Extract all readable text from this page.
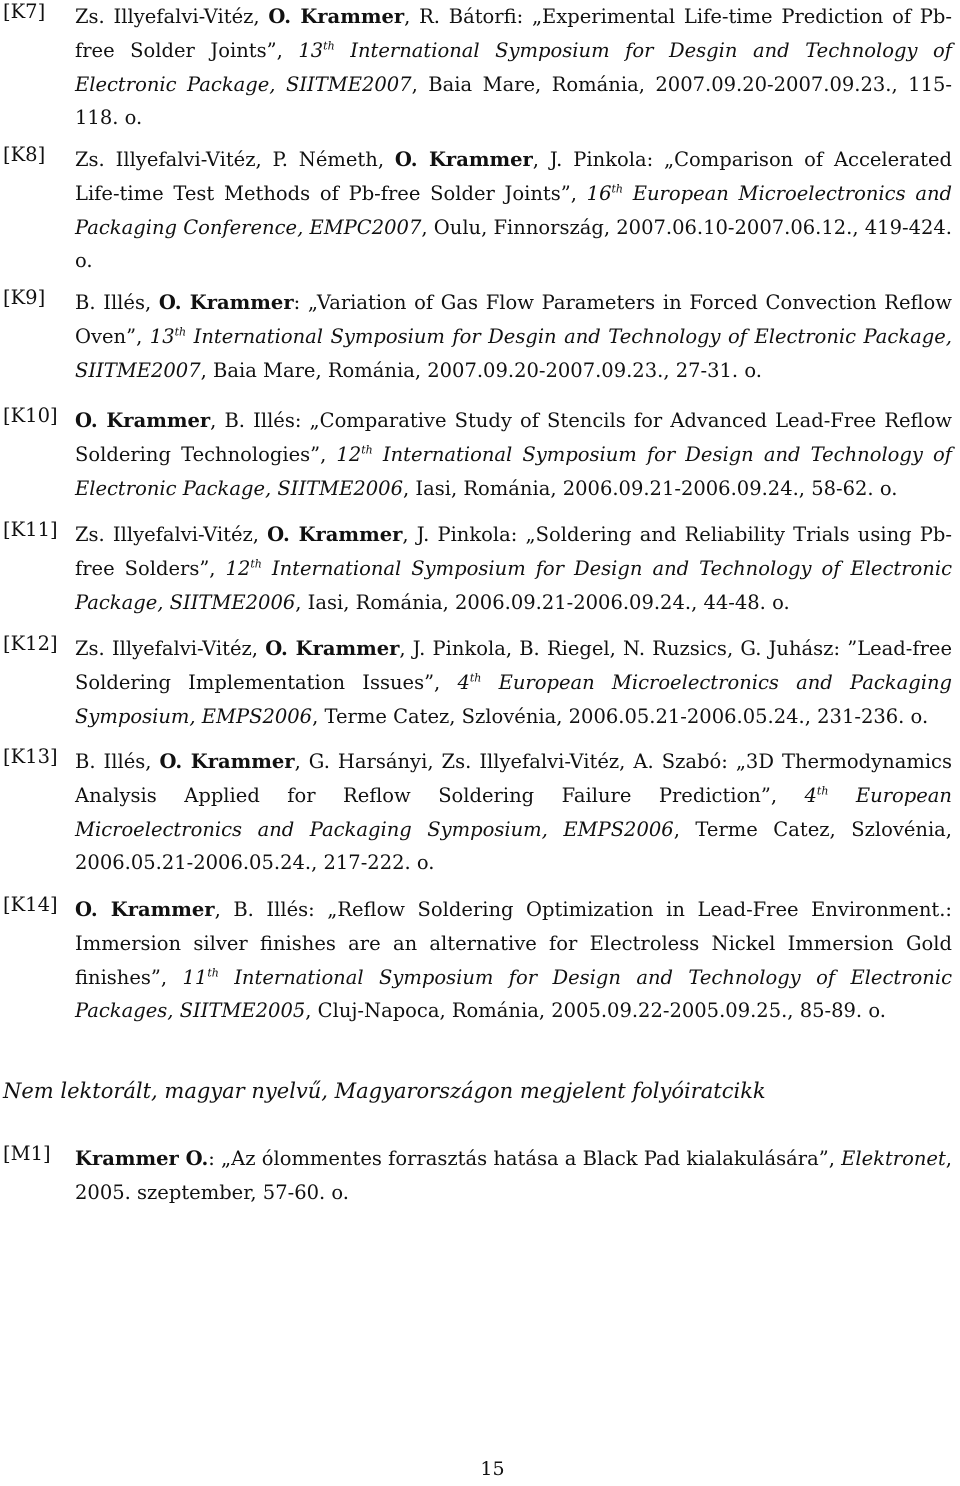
[K7] Zs. Illyefalvi-Vitéz, O. Krammer, R. Bátorfi: „Experimental Life-time Prediction of Pb-free Solder Joints”, 13th International Symposium for Desgin and Technology of Electronic Package, SIITME2007, Baia Mare, Románia, 2007.09.20-2007.09.23., 115-118. o.
[K8] Zs. Illyefalvi-Vitéz, P. Németh, O. Krammer, J. Pinkola: „Comparison of Accelerated Life-time Test Methods of Pb-free Solder Joints”, 16th European Microelectronics and Packaging Conference, EMPC2007, Oulu, Finnország, 2007.06.10-2007.06.12., 419-424. o.
[K9] B. Illés, O. Krammer: „Variation of Gas Flow Parameters in Forced Convection Reflow Oven”, 13th International Symposium for Desgin and Technology of Electronic Package, SIITME2007, Baia Mare, Románia, 2007.09.20-2007.09.23., 27-31. o.
[K10] O. Krammer, B. Illés: „Comparative Study of Stencils for Advanced Lead-Free Reflow Soldering Technologies”, 12th International Symposium for Design and Technology of Electronic Package, SIITME2006, Iasi, Románia, 2006.09.21-2006.09.24., 58-62. o.
[K11] Zs. Illyefalvi-Vitéz, O. Krammer, J. Pinkola: „Soldering and Reliability Trials using Pb-free Solders”, 12th International Symposium for Design and Technology of Electronic Package, SIITME2006, Iasi, Románia, 2006.09.21-2006.09.24., 44-48. o.
[K12] Zs. Illyefalvi-Vitéz, O. Krammer, J. Pinkola, B. Riegel, N. Ruzsics, G. Juhász: ”Lead-free Soldering Implementation Issues”, 4th European Microelectronics and Packaging Symposium, EMPS2006, Terme Catez, Szlovénia, 2006.05.21-2006.05.24., 231-236. o.
[K13] B. Illés, O. Krammer, G. Harsányi, Zs. Illyefalvi-Vitéz, A. Szabó: „3D Thermodynamics Analysis Applied for Reflow Soldering Failure Prediction”, 4th European Microelectronics and Packaging Symposium, EMPS2006, Terme Catez, Szlovénia, 2006.05.21-2006.05.24., 217-222. o.
[K14] O. Krammer, B. Illés: „Reflow Soldering Optimization in Lead-Free Environment.: Immersion silver finishes are an alternative for Electroless Nickel Immersion Gold finishes”, 11th International Symposium for Design and Technology of Electronic Packages, SIITME2005, Cluj-Napoca, Románia, 2005.09.22-2005.09.25., 85-89. o.
Nem lektorált, magyar nyelvű, Magyarországon megjelent folyóiratcikk
[M1] Krammer O.: „Az ólommentes forrasztás hatása a Black Pad kialakulására”, Elektronet, 2005. szeptember, 57-60. o.
15
